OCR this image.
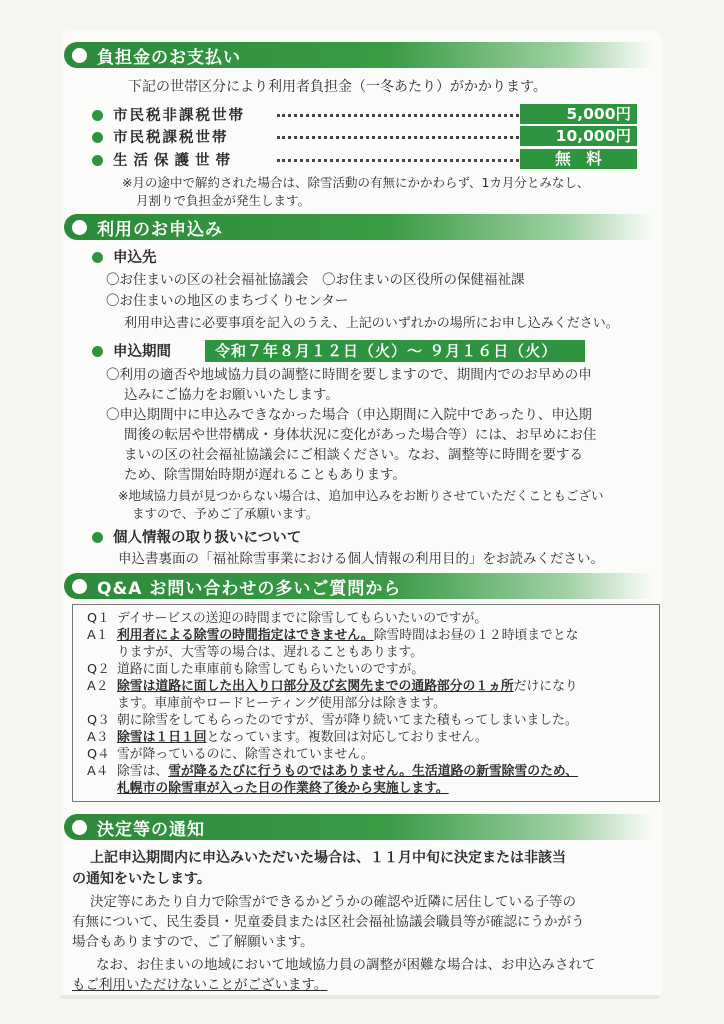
負担金のお支払い
下記の世帯区分により利用者負担金（一冬あたり）がかかります。
市民税非課税世帯	5,000円
市民税課税世帯	10,000円
生活保護世帯	無　料
※月の途中で解約された場合は、除雪活動の有無にかかわらず、1カ月分とみなし、
月割りで負担金が発生します。
利用のお申込み
申込先
〇お住まいの区の社会福祉協議会　〇お住まいの区役所の保健福祉課
〇お住まいの地区のまちづくりセンター
利用申込書に必要事項を記入のうえ、上記のいずれかの場所にお申し込みください。
申込期間	令和７年８月１２日（火）～ ９月１６日（火）
〇利用の適否や地域協力員の調整に時間を要しますので、期間内でのお早めの申
込みにご協力をお願いいたします。
〇申込期間中に申込みできなかった場合（申込期間に入院中であったり、申込期
間後の転居や世帯構成・身体状況に変化があった場合等）には、お早めにお住
まいの区の社会福祉協議会にご相談ください。なお、調整等に時間を要する
ため、除雪開始時期が遅れることもあります。
※地域協力員が見つからない場合は、追加申込みをお断りさせていただくこともござい
ますので、予めご了承願います。
個人情報の取り扱いについて
申込書裏面の「福祉除雪事業における個人情報の利用目的」をお読みください。
Q&A お問い合わせの多いご質問から
Q１ デイサービスの送迎の時間までに除雪してもらいたいのですが。
A１ 利用者による除雪の時間指定はできません。除雪時間はお昼の１２時頃までとな
りますが、大雪等の場合は、遅れることもあります。
Q２ 道路に面した車庫前も除雪してもらいたいのですが。
A２ 除雪は道路に面した出入り口部分及び玄関先までの通路部分の１ヵ所だけになり
ます。車庫前やロードヒーティング使用部分は除きます。
Q３ 朝に除雪をしてもらったのですが、雪が降り続いてまた積もってしまいました。
A３ 除雪は１日１回となっています。複数回は対応しておりません。
Q４ 雪が降っているのに、除雪されていません。
A４ 除雪は、雪が降るたびに行うものではありません。生活道路の新雪除雪のため、
札幌市の除雪車が入った日の作業終了後から実施します。
決定等の通知
上記申込期間内に申込みいただいた場合は、１１月中旬に決定または非該当
の通知をいたします。
決定等にあたり自力で除雪ができるかどうかの確認や近隣に居住している子等の
有無について、民生委員・児童委員または区社会福祉協議会職員等が確認にうかがう
場合もありますので、ご了解願います。
なお、お住まいの地域において地域協力員の調整が困難な場合は、お申込みされて
もご利用いただけないことがございます。
